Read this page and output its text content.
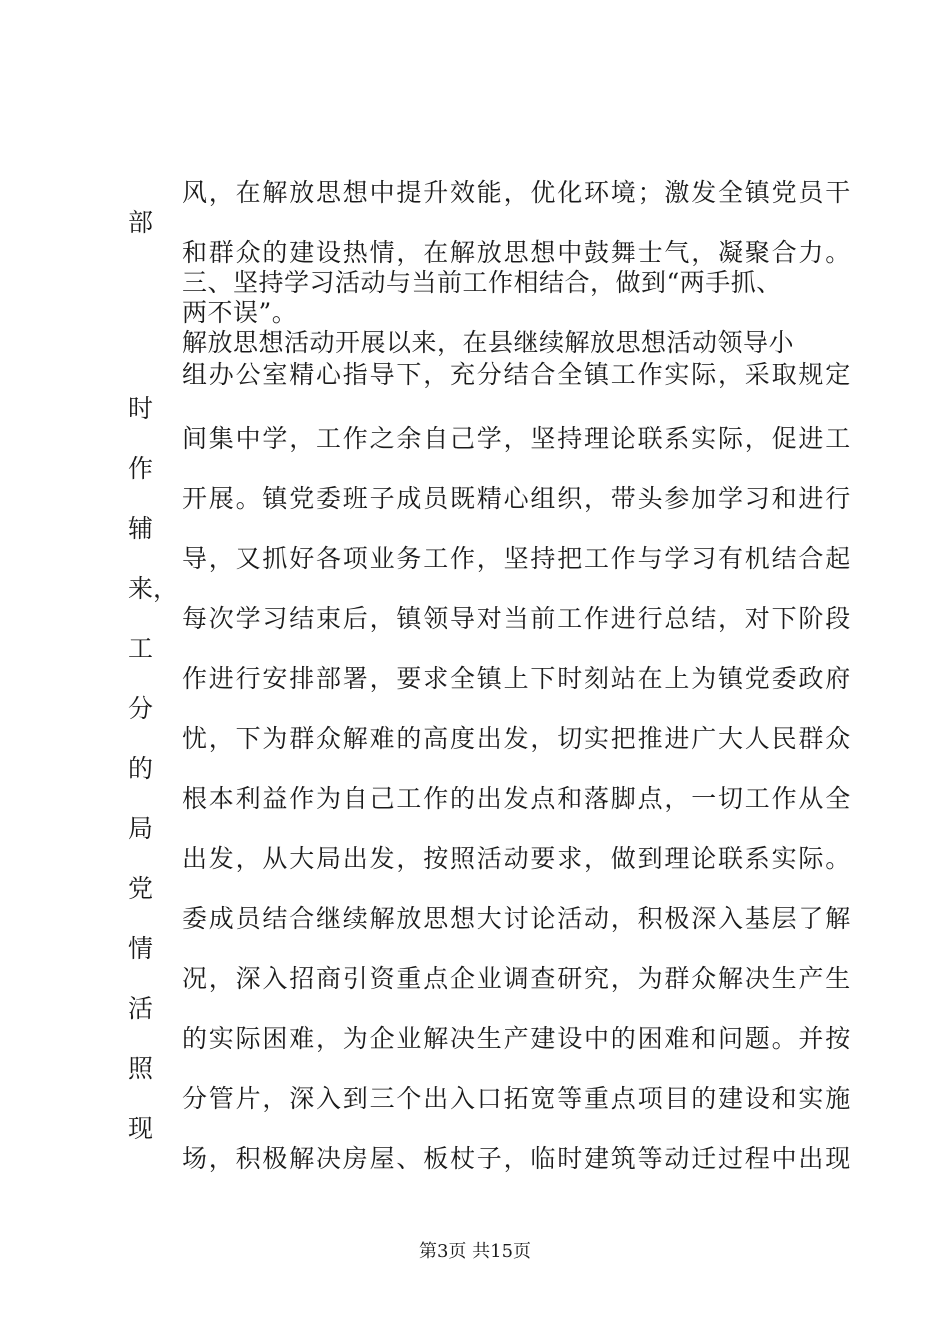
风，在解放思想中提升效能，优化环境；激发全镇党员干
部
和群众的建设热情，在解放思想中鼓舞士气，凝聚合力。
三、坚持学习活动与当前工作相结合，做到“两手抓、
两不误”。
解放思想活动开展以来，在县继续解放思想活动领导小
组办公室精心指导下，充分结合全镇工作实际，采取规定
时
间集中学，工作之余自己学，坚持理论联系实际，促进工
作
开展。镇党委班子成员既精心组织，带头参加学习和进行
辅
导，又抓好各项业务工作，坚持把工作与学习有机结合起
来，
每次学习结束后，镇领导对当前工作进行总结，对下阶段
工
作进行安排部署，要求全镇上下时刻站在上为镇党委政府
分
忧，下为群众解难的高度出发，切实把推进广大人民群众
的
根本利益作为自己工作的出发点和落脚点，一切工作从全
局
出发，从大局出发，按照活动要求，做到理论联系实际。
党
委成员结合继续解放思想大讨论活动，积极深入基层了解
情
况，深入招商引资重点企业调查研究，为群众解决生产生
活
的实际困难，为企业解决生产建设中的困难和问题。并按
照
分管片，深入到三个出入口拓宽等重点项目的建设和实施
现
场，积极解决房屋、板杖子，临时建筑等动迁过程中出现
第3页 共15页
